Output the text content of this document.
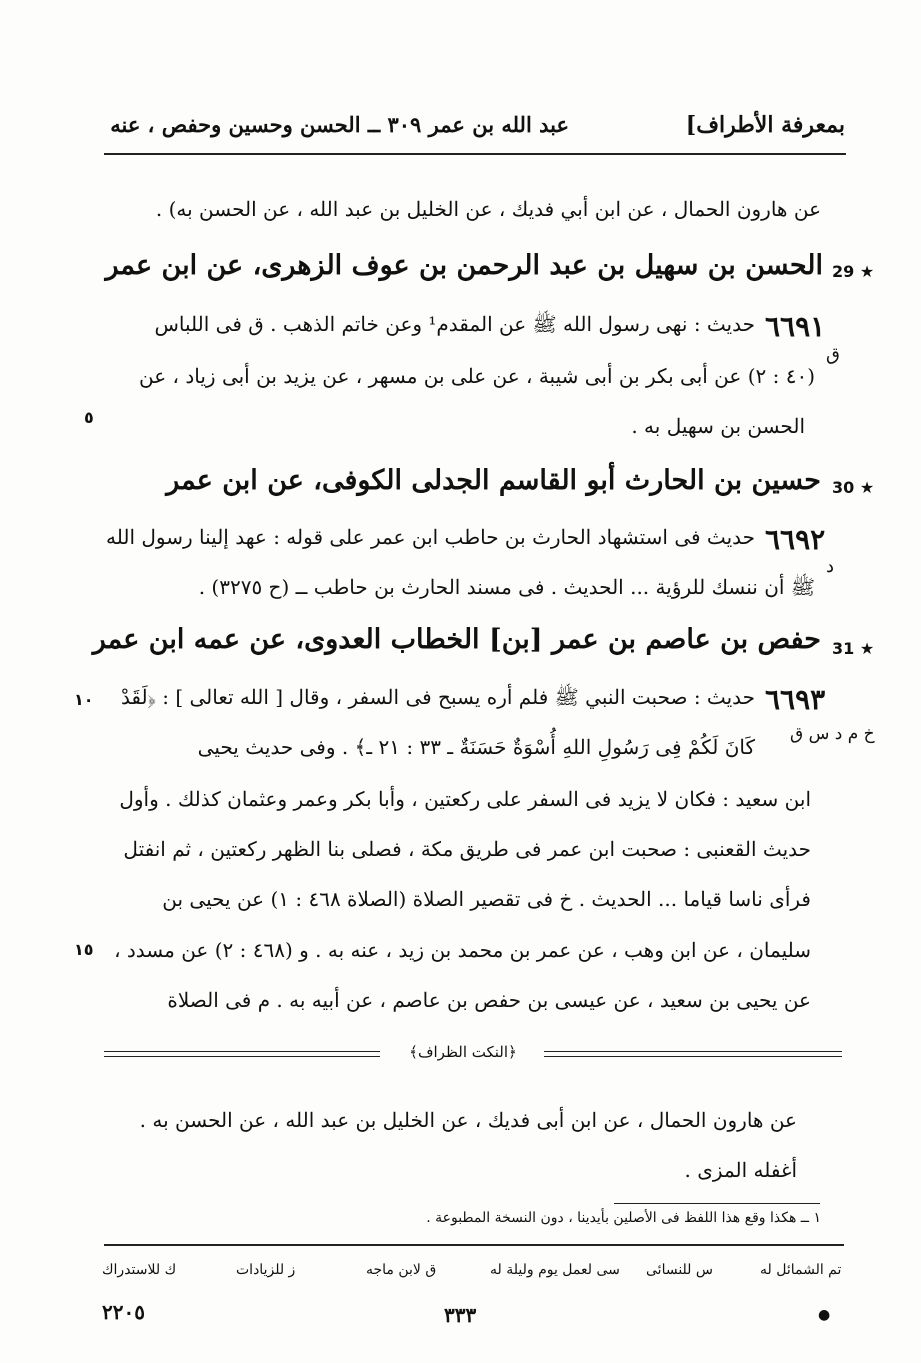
بمعرفة الأطراف]
عبد الله بن عمر ٣٠٩ ــ الحسن وحسين وحفص ، عنه
عن هارون الحمال ، عن ابن أبي فديك ، عن الخليل بن عبد الله ، عن الحسن به) .
29 ★
الحسن بن سهيل بن عبد الرحمن بن عوف الزهرى، عن ابن عمر
٦٦٩١
حديث : نهى رسول الله ﷺ عن المقدم¹ وعن خاتم الذهب . ق فى اللباس
ق
(٤٠ : ٢) عن أبى بكر بن أبى شيبة ، عن على بن مسهر ، عن يزيد بن أبى زياد ، عن
الحسن بن سهيل به .
٥
30 ★
حسين بن الحارث أبو القاسم الجدلى الكوفى، عن ابن عمر
٦٦٩٢
حديث فى استشهاد الحارث بن حاطب ابن عمر على قوله : عهد إلينا رسول الله
د
ﷺ أن ننسك للرؤية ... الحديث . فى مسند الحارث بن حاطب ــ (ح ٣٢٧٥) .
31 ★
حفص بن عاصم بن عمر [بن] الخطاب العدوى، عن عمه ابن عمر
٦٦٩٣
حديث : صحبت النبي ﷺ فلم أره يسبح فى السفر ، وقال [ الله تعالى ] : ﴿لَقَدْ
١٠
خ م د س ق
كَانَ لَكُمْ فِى رَسُولِ اللهِ أُسْوَةٌ حَسَنَةٌ ـ ٣٣ : ٢١ ـ﴾ . وفى حديث يحيى
ابن سعيد : فكان لا يزيد فى السفر على ركعتين ، وأبا بكر وعمر وعثمان كذلك . وأول
حديث القعنبى : صحبت ابن عمر فى طريق مكة ، فصلى بنا الظهر ركعتين ، ثم انفتل
فرأى ناسا قياما ... الحديث . خ فى تقصير الصلاة (الصلاة ٤٦٨ : ١) عن يحيى بن
سليمان ، عن ابن وهب ، عن عمر بن محمد بن زيد ، عنه به . و (٤٦٨ : ٢) عن مسدد ،
١٥
عن يحيى بن سعيد ، عن عيسى بن حفص بن عاصم ، عن أبيه به . م فى الصلاة
﴿النكت الظراف﴾
عن هارون الحمال ، عن ابن أبى فديك ، عن الخليل بن عبد الله ، عن الحسن به .
أغفله المزى .
١ ــ هكذا وقع هذا اللفظ فى الأصلين بأيدينا ، دون النسخة المطبوعة .
تم الشمائل له
س للنسائى
سى لعمل يوم وليلة له
ق لابن ماجه
ز للزيادات
ك للاستدراك
●
٣٣٣
٢٢٠٥
